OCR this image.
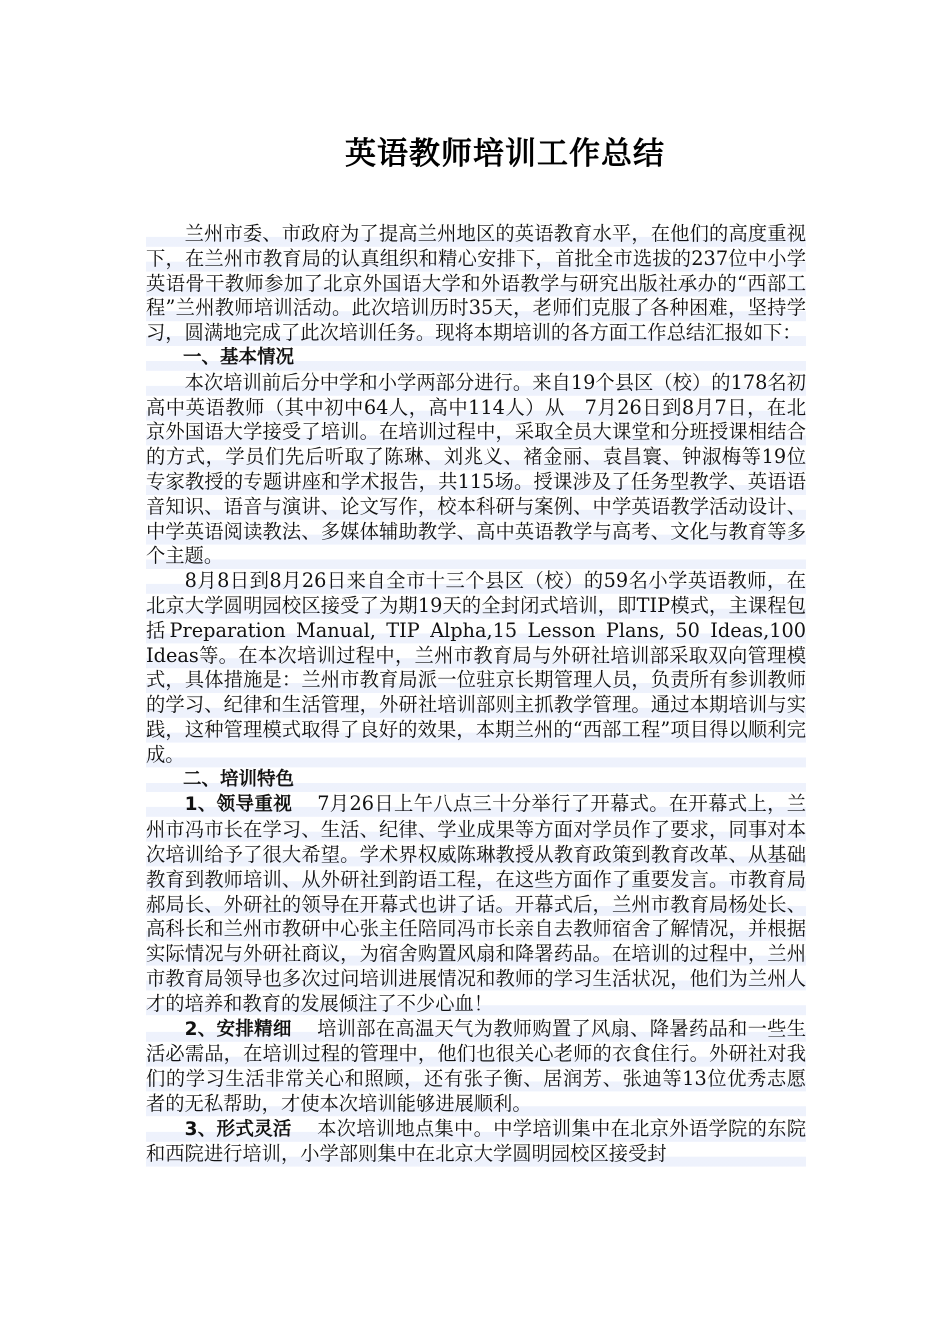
英语教师培训工作总结

兰州市委、市政府为了提高兰州地区的英语教育水平，在他们的高度重视下，在兰州市教育局的认真组织和精心安排下，首批全市选拔的237位中小学英语骨干教师参加了北京外国语大学和外语教学与研究出版社承办的“西部工程”兰州教师培训活动。此次培训历时35天，老师们克服了各种困难，坚持学习，圆满地完成了此次培训任务。现将本期培训的各方面工作总结汇报如下：

一、基本情况

本次培训前后分中学和小学两部分进行。来自19个县区（校）的178名初高中英语教师（其中初中64人，高中114人）从　7月26日到8月7日，在北京外国语大学接受了培训。在培训过程中，采取全员大课堂和分班授课相结合的方式，学员们先后听取了陈琳、刘兆义、褚金丽、袁昌寰、钟淑梅等19位专家教授的专题讲座和学术报告，共115场。授课涉及了任务型教学、英语语音知识、语音与演讲、论文写作，校本科研与案例、中学英语教学活动设计、中学英语阅读教法、多媒体辅助教学、高中英语教学与高考、文化与教育等多个主题。

8月8日到8月26日来自全市十三个县区（校）的59名小学英语教师，在北京大学圆明园校区接受了为期19天的全封闭式培训，即TIP模式，主课程包括Preparation Manual, TIP Alpha,15 Lesson Plans, 50 Ideas,100 Ideas等。在本次培训过程中，兰州市教育局与外研社培训部采取双向管理模式，具体措施是：兰州市教育局派一位驻京长期管理人员，负责所有参训教师的学习、纪律和生活管理，外研社培训部则主抓教学管理。通过本期培训与实践，这种管理模式取得了良好的效果，本期兰州的“西部工程”项目得以顺利完成。

二、培训特色

1、领导重视 7月26日上午八点三十分举行了开幕式。在开幕式上，兰州市冯市长在学习、生活、纪律、学业成果等方面对学员作了要求，同事对本次培训给予了很大希望。学术界权威陈琳教授从教育政策到教育改革、从基础教育到教师培训、从外研社到韵语工程，在这些方面作了重要发言。市教育局郝局长、外研社的领导在开幕式也讲了话。开幕式后，兰州市教育局杨处长、高科长和兰州市教研中心张主任陪同冯市长亲自去教师宿舍了解情况，并根据实际情况与外研社商议，为宿舍购置风扇和降署药品。在培训的过程中，兰州市教育局领导也多次过问培训进展情况和教师的学习生活状况，他们为兰州人才的培养和教育的发展倾注了不少心血！

2、安排精细 培训部在高温天气为教师购置了风扇、降暑药品和一些生活必需品，在培训过程的管理中，他们也很关心老师的衣食住行。外研社对我们的学习生活非常关心和照顾，还有张子衡、居润芳、张迪等13位优秀志愿者的无私帮助，才使本次培训能够进展顺利。

3、形式灵活 本次培训地点集中。中学培训集中在北京外语学院的东院和西院进行培训，小学部则集中在北京大学圆明园校区接受封
